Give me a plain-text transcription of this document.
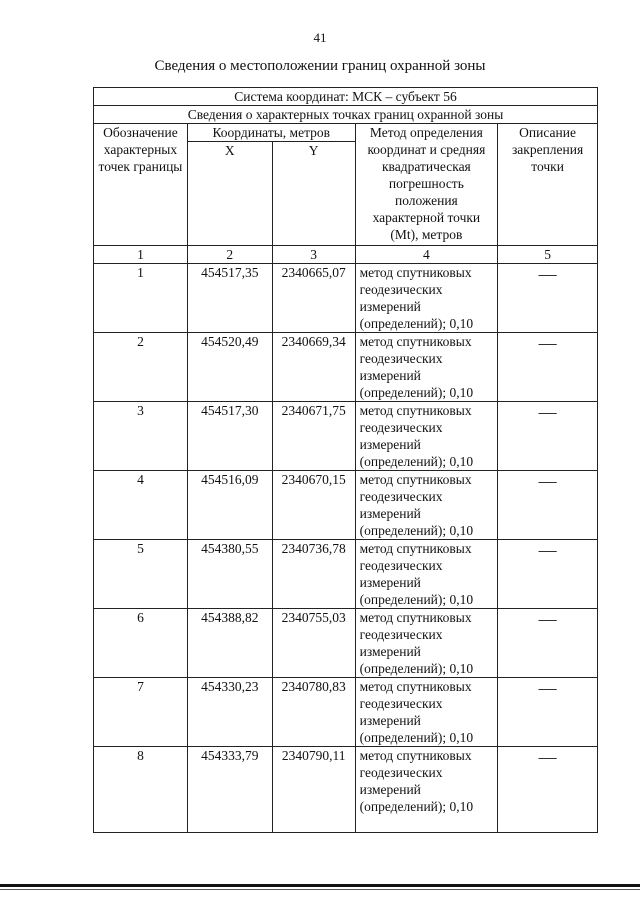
41
Сведения о местоположении границ охранной зоны
Система координат: МСК – субъект 56				
Сведения о характерных точках границ охранной зоны				
Обозначение характерных точек границы	Координаты, метров		Метод определения координат и средняя квадратическая погрешность положения характерной точки (Mt), метров	Описание закрепления точки
	X	Y		
1	2	3	4	5
1	454517,35	2340665,07	метод спутниковых геодезических измерений (определений); 0,10	—

2	454520,49	2340669,34	метод спутниковых геодезических измерений (определений); 0,10	—

3	454517,30	2340671,75	метод спутниковых геодезических измерений (определений); 0,10	—

4	454516,09	2340670,15	метод спутниковых геодезических измерений (определений); 0,10	—

5	454380,55	2340736,78	метод спутниковых геодезических измерений (определений); 0,10	—

6	454388,82	2340755,03	метод спутниковых геодезических измерений (определений); 0,10	—

7	454330,23	2340780,83	метод спутниковых геодезических измерений (определений); 0,10	—

8	454333,79	2340790,11	метод спутниковых геодезических измерений (определений); 0,10	—
